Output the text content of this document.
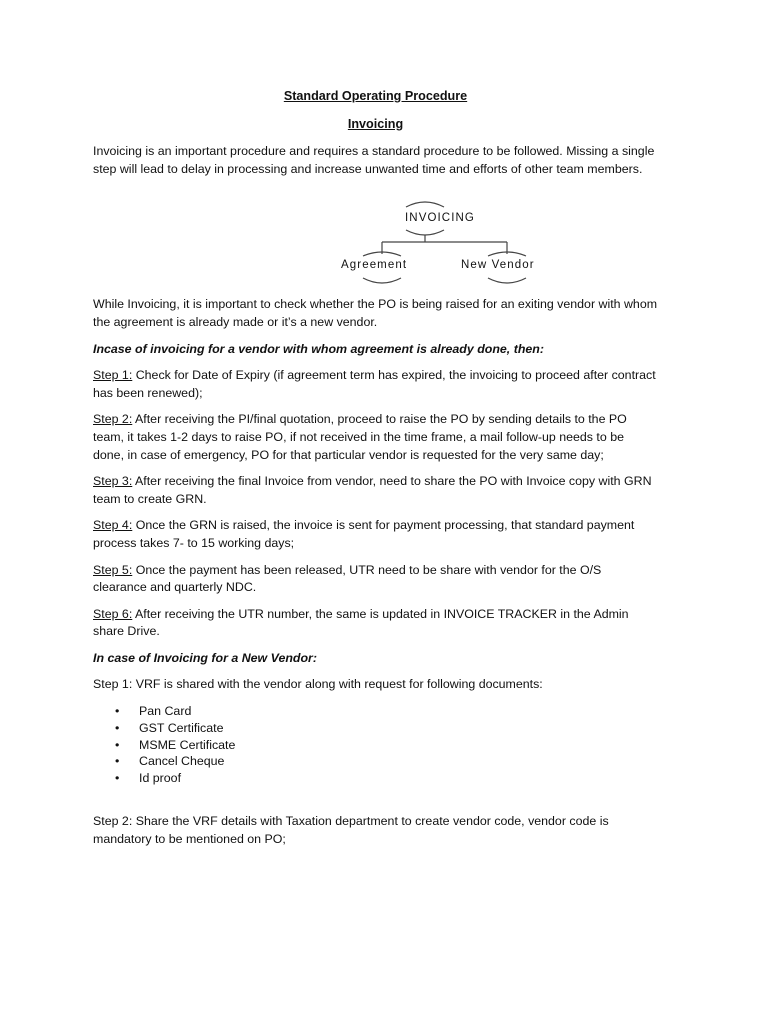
Standard Operating Procedure
Invoicing

Invoicing is an important procedure and requires a standard procedure to be followed. Missing a single step will lead to delay in processing and increase unwanted time and efforts of other team members.

INVOICING
Agreement	New Vendor

While Invoicing, it is important to check whether the PO is being raised for an exiting vendor with whom the agreement is already made or it’s a new vendor.

Incase of invoicing for a vendor with whom agreement is already done, then:

Step 1: Check for Date of Expiry (if agreement term has expired, the invoicing to proceed after contract has been renewed);

Step 2: After receiving the PI/final quotation, proceed to raise the PO by sending details to the PO team, it takes 1-2 days to raise PO, if not received in the time frame, a mail follow-up needs to be done, in case of emergency, PO for that particular vendor is requested for the very same day;

Step 3: After receiving the final Invoice from vendor, need to share the PO with Invoice copy with GRN team to create GRN.

Step 4: Once the GRN is raised, the invoice is sent for payment processing, that standard payment process takes 7- to 15 working days;

Step 5: Once the payment has been released, UTR need to be share with vendor for the O/S clearance and quarterly NDC.

Step 6: After receiving the UTR number, the same is updated in INVOICE TRACKER in the Admin share Drive.

In case of Invoicing for a New Vendor:

Step 1: VRF is shared with the vendor along with request for following documents:

• Pan Card
• GST Certificate
• MSME Certificate
• Cancel Cheque
• Id proof

Step 2: Share the VRF details with Taxation department to create vendor code, vendor code is mandatory to be mentioned on PO;
